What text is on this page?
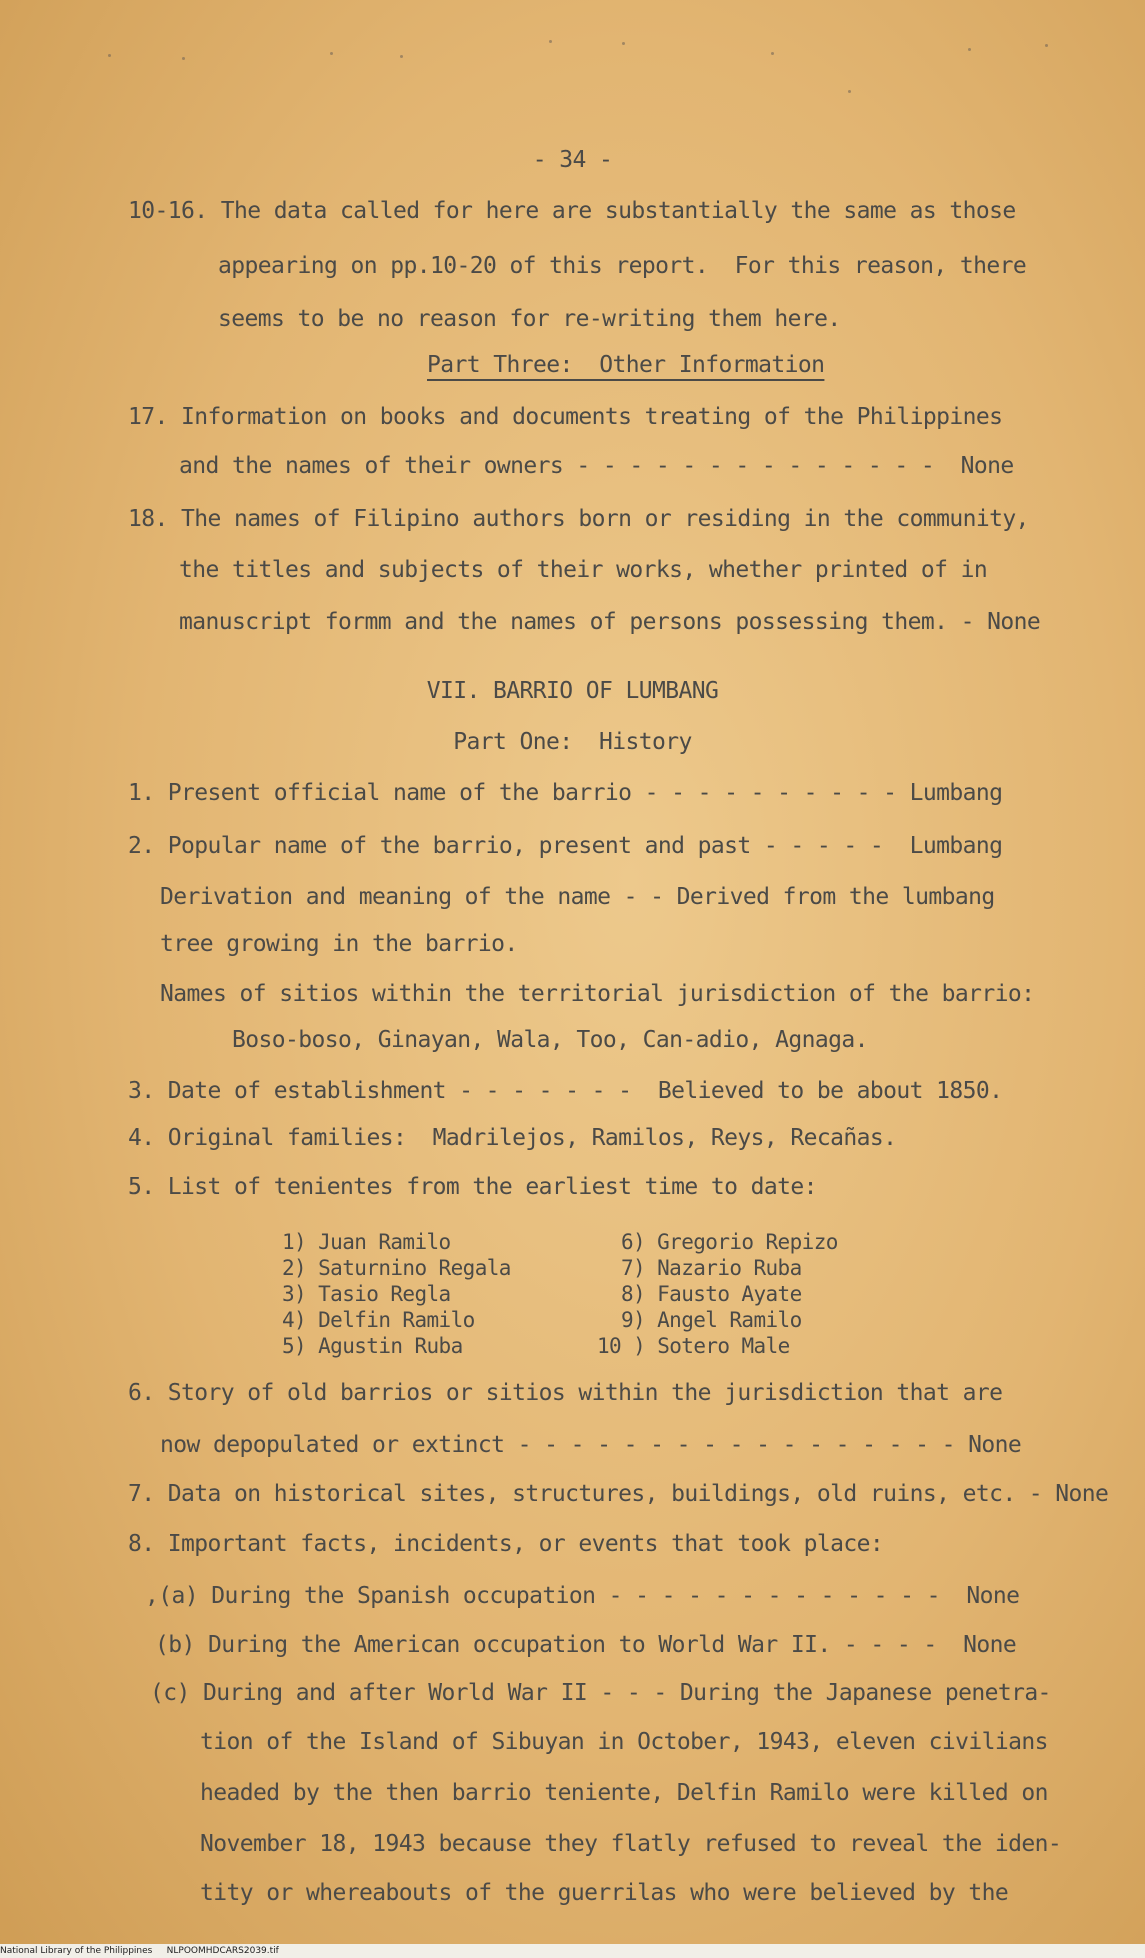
- 34 -
10-16. The data called for here are substantially the same as those
appearing on pp.10-20 of this report.  For this reason, there
seems to be no reason for re-writing them here.
Part Three:  Other Information
17. Information on books and documents treating of the Philippines
and the names of their owners - - - - - - - - - - - - - -  None
18. The names of Filipino authors born or residing in the community,
the titles and subjects of their works, whether printed of in
manuscript formm and the names of persons possessing them. - None
VII. BARRIO OF LUMBANG
Part One:  History
1. Present official name of the barrio - - - - - - - - - - Lumbang
2. Popular name of the barrio, present and past - - - - -  Lumbang
Derivation and meaning of the name - - Derived from the lumbang
tree growing in the barrio.
Names of sitios within the territorial jurisdiction of the barrio:
Boso-boso, Ginayan, Wala, Too, Can-adio, Agnaga.
3. Date of establishment - - - - - - -  Believed to be about 1850.
4. Original families:  Madrilejos, Ramilos, Reys, Recañas.
5. List of tenientes from the earliest time to date:
1) Juan Ramilo
2) Saturnino Regala
3) Tasio Regla
4) Delfin Ramilo
5) Agustin Ruba
6) Gregorio Repizo
7) Nazario Ruba
8) Fausto Ayate
9) Angel Ramilo
10 ) Sotero Male
6. Story of old barrios or sitios within the jurisdiction that are
now depopulated or extinct - - - - - - - - - - - - - - - - - None
7. Data on historical sites, structures, buildings, old ruins, etc. - None
8. Important facts, incidents, or events that took place:
,(a) During the Spanish occupation - - - - - - - - - - - - -  None
(b) During the American occupation to World War II. - - - -  None
(c) During and after World War II - - - During the Japanese penetra-
tion of the Island of Sibuyan in October, 1943, eleven civilians
headed by the then barrio teniente, Delfin Ramilo were killed on
November 18, 1943 because they flatly refused to reveal the iden-
tity or whereabouts of the guerrilas who were believed by the
National Library of the Philippines     NLPOOMHDCARS2039.tif
